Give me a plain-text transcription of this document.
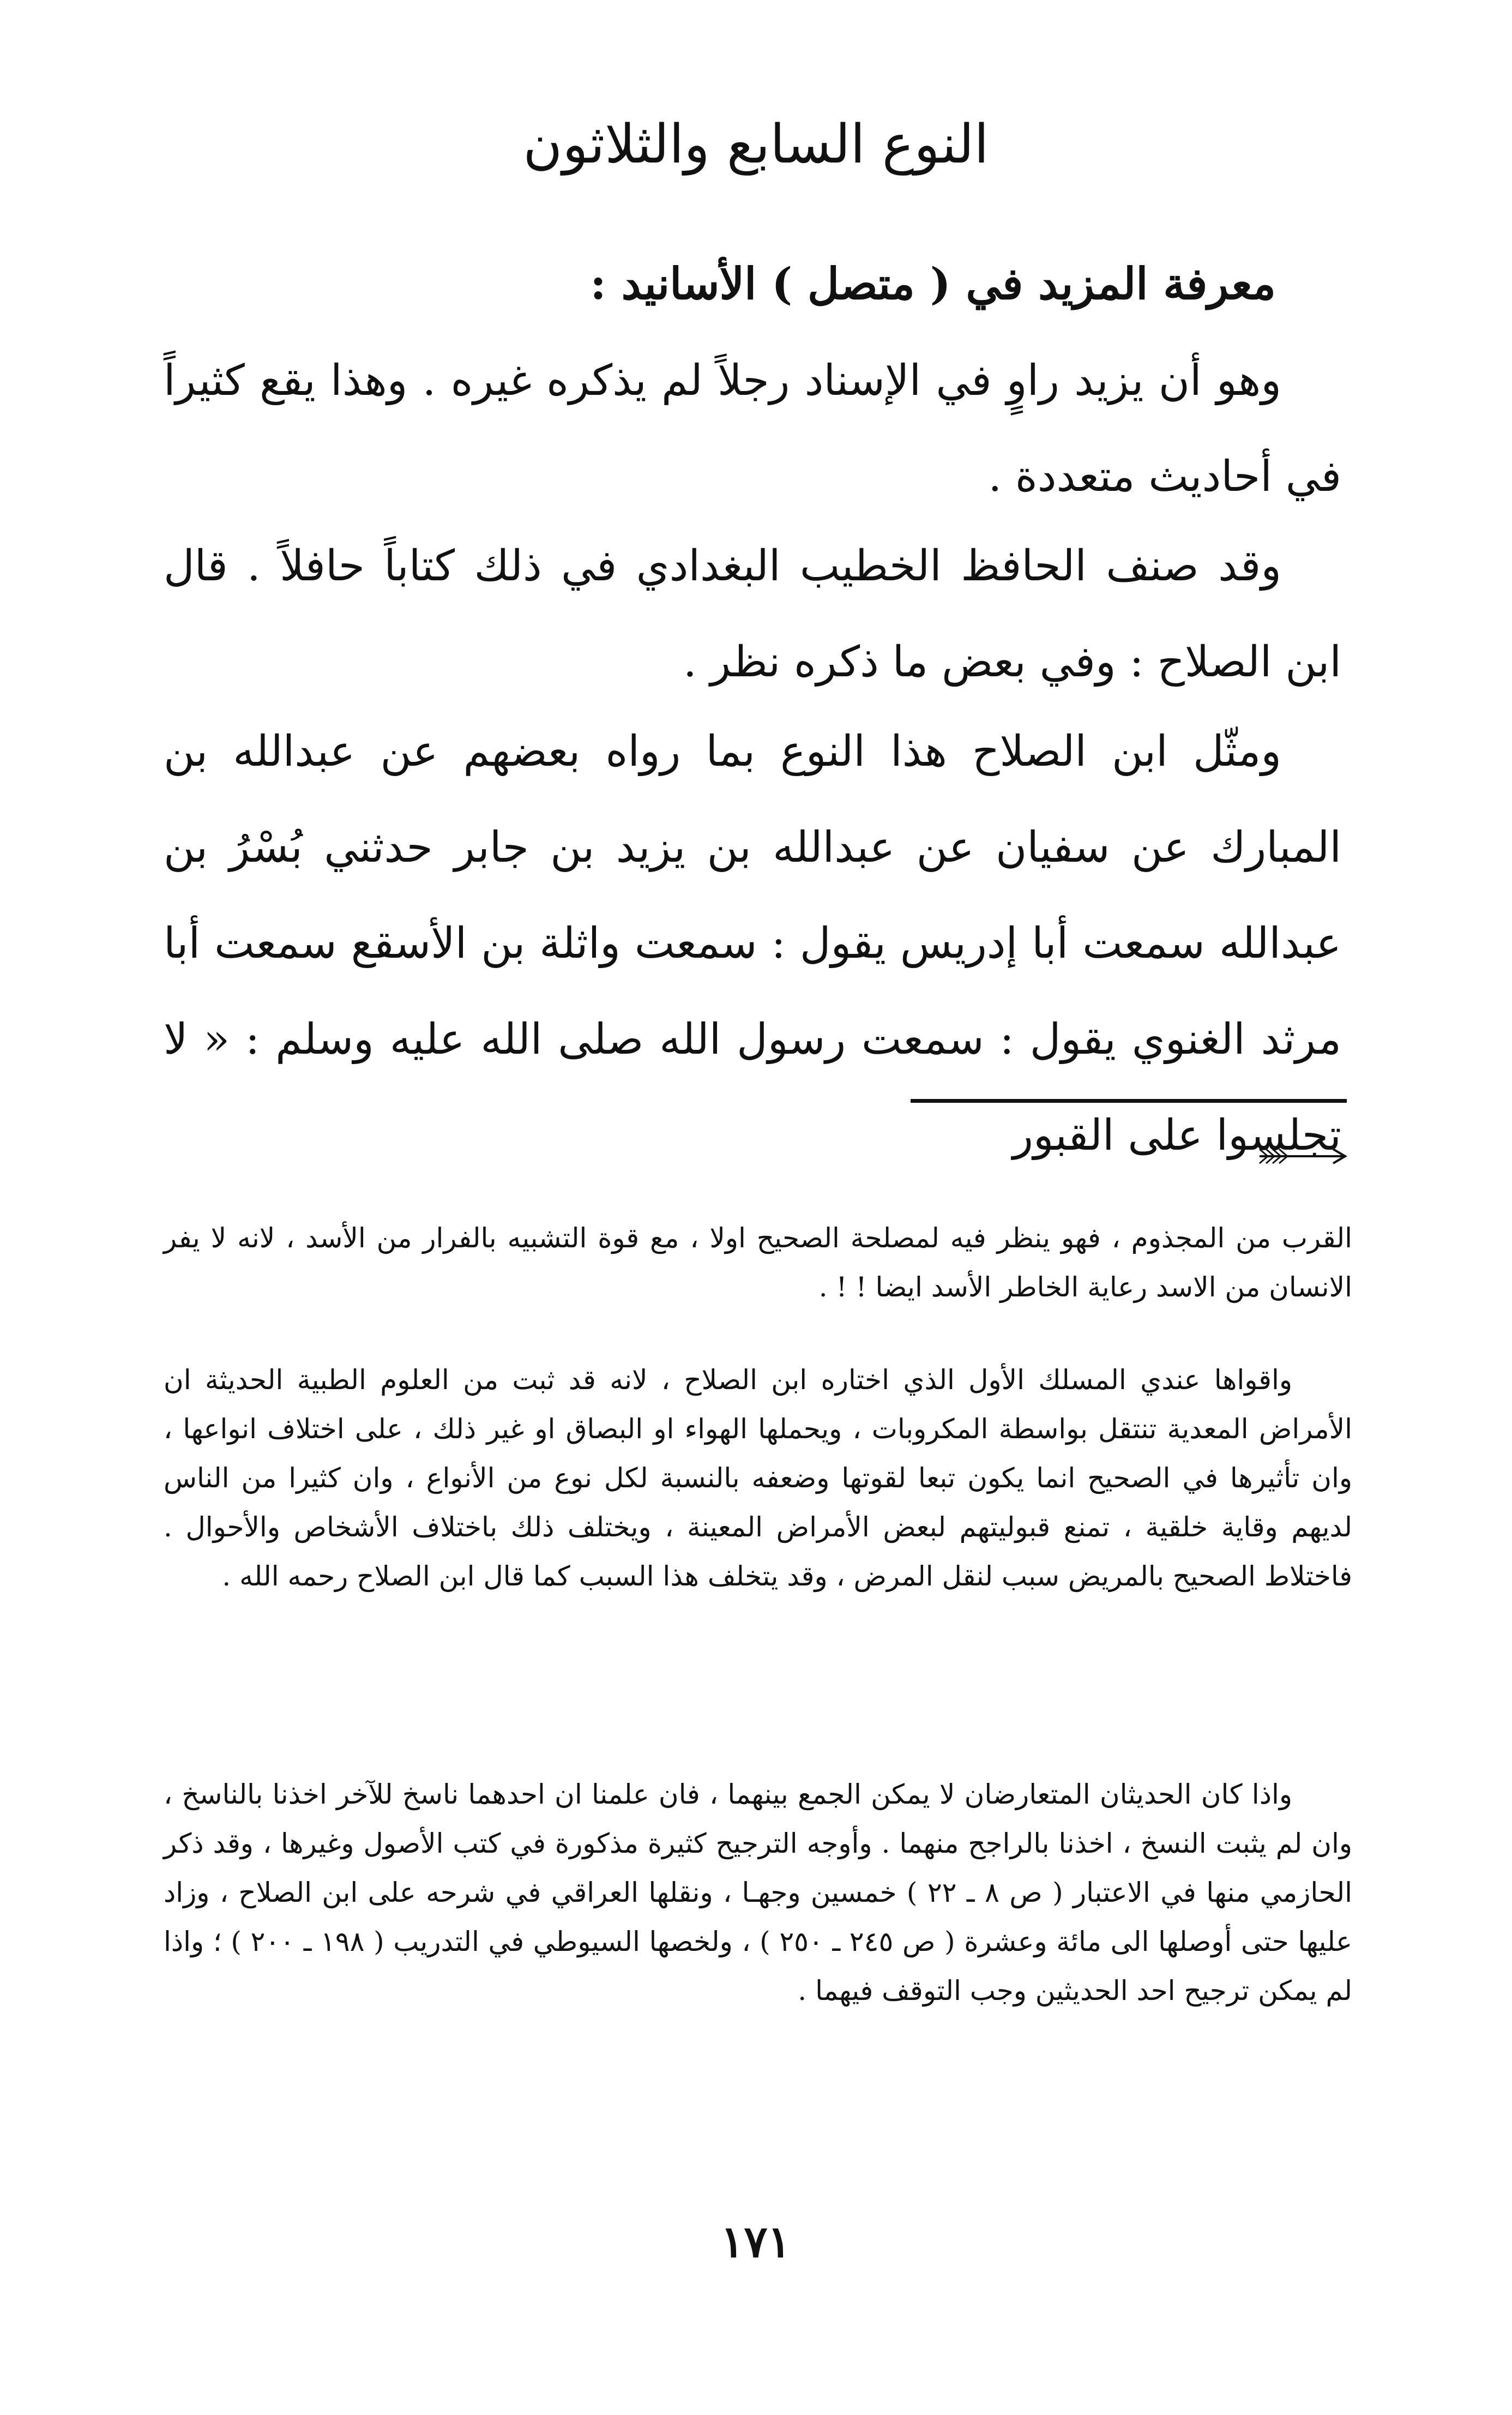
النوع السابع والثلاثون
معرفة المزيد في ( متصل ) الأسانيد :

وهو أن يزيد راوٍ في الإسناد رجلاً لم يذكره غيره . وهذا يقع كثيراً في أحاديث متعددة .

وقد صنف الحافظ الخطيب البغدادي في ذلك كتاباً حافلاً . قال ابن الصلاح : وفي بعض ما ذكره نظر .

ومثّل ابن الصلاح هذا النوع بما رواه بعضهم عن عبدالله بن المبارك عن سفيان عن عبدالله بن يزيد بن جابر حدثني بُسْرُ بن عبدالله سمعت أبا إدريس يقول : سمعت واثلة بن الأسقع سمعت أبا مرثد الغنوي يقول : سمعت رسول الله صلى الله عليه وسلم : « لا تجلسوا على القبور

القرب من المجذوم ، فهو ينظر فيه لمصلحة الصحيح اولا ، مع قوة التشبيه بالفرار من الأسد ، لانه لا يفر الانسان من الاسد رعاية الخاطر الأسد ايضا ! ! .

واقواها عندي المسلك الأول الذي اختاره ابن الصلاح ، لانه قد ثبت من العلوم الطبية الحديثة ان الأمراض المعدية تنتقل بواسطة المكروبات ، ويحملها الهواء او البصاق او غير ذلك ، على اختلاف انواعها ، وان تأثيرها في الصحيح انما يكون تبعا لقوتها وضعفه بالنسبة لكل نوع من الأنواع ، وان كثيرا من الناس لديهم وقاية خلقية ، تمنع قبوليتهم لبعض الأمراض المعينة ، ويختلف ذلك باختلاف الأشخاص والأحوال . فاختلاط الصحيح بالمريض سبب لنقل المرض ، وقد يتخلف هذا السبب كما قال ابن الصلاح رحمه الله .

واذا كان الحديثان المتعارضان لا يمكن الجمع بينهما ، فان علمنا ان احدهما ناسخ للآخر اخذنا بالناسخ ، وان لم يثبت النسخ ، اخذنا بالراجح منهما . وأوجه الترجيح كثيرة مذكورة في كتب الأصول وغيرها ، وقد ذكر الحازمي منها في الاعتبار ( ص ٨ ـ ٢٢ ) خمسين وجهـا ، ونقلها العراقي في شرحه على ابن الصلاح ، وزاد عليها حتى أوصلها الى مائة وعشرة ( ص ٢٤٥ ـ ٢٥٠ ) ، ولخصها السيوطي في التدريب ( ١٩٨ ـ ٢٠٠ ) ؛ واذا لم يمكن ترجيح احد الحديثين وجب التوقف فيهما .

١٧١
